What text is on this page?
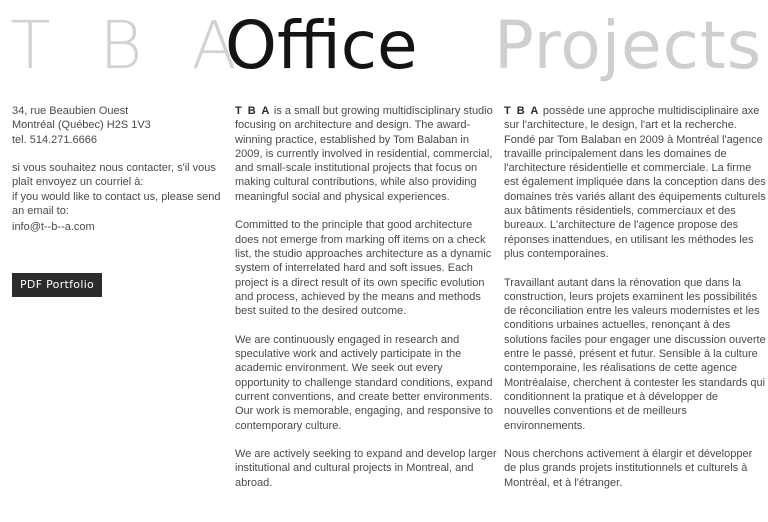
T B A
Office Projects
34, rue Beaubien Ouest
Montréal (Québec) H2S 1V3
tel. 514.271.6666
si vous souhaitez nous contacter, s'il vous plaît envoyez un courriel à:
if you would like to contact us, please send an email to:
info@t--b--a.com
PDF Portfolio

T B A is a small but growing multidisciplinary studio focusing on architecture and design. The award-winning practice, established by Tom Balaban in 2009, is currently involved in residential, commercial, and small-scale institutional projects that focus on making cultural contributions, while also providing meaningful social and physical experiences.

Committed to the principle that good architecture does not emerge from marking off items on a check list, the studio approaches architecture as a dynamic system of interrelated hard and soft issues. Each project is a direct result of its own specific evolution and process, achieved by the means and methods best suited to the desired outcome.

We are continuously engaged in research and speculative work and actively participate in the academic environment. We seek out every opportunity to challenge standard conditions, expand current conventions, and create better environments. Our work is memorable, engaging, and responsive to contemporary culture.

We are actively seeking to expand and develop larger institutional and cultural projects in Montreal, and abroad.

T B A possède une approche multidisciplinaire axe sur l'architecture, le design, l'art et la recherche. Fondé par Tom Balaban en 2009 à Montréal l'agence travaille principalement dans les domaines de l'architecture résidentielle et commerciale. La firme est également impliquée dans la conception dans des domaines très variés allant des équipements culturels aux bâtiments résidentiels, commerciaux et des bureaux. L'architecture de l'agence propose des réponses inattendues, en utilisant les méthodes les plus contemporaines.

Travaillant autant dans la rénovation que dans la construction, leurs projets examinent les possibilités de réconciliation entre les valeurs modernistes et les conditions urbaines actuelles, renonçant à des solutions faciles pour engager une discussion ouverte entre le passé, présent et futur. Sensible à la culture contemporaine, les réalisations de cette agence Montréalaise, cherchent à contester les standards qui conditionnent la pratique et à développer de nouvelles conventions et de meilleurs environnements.

Nous cherchons activement à élargir et développer de plus grands projets institutionnels et culturels à Montréal, et à l'étranger.
